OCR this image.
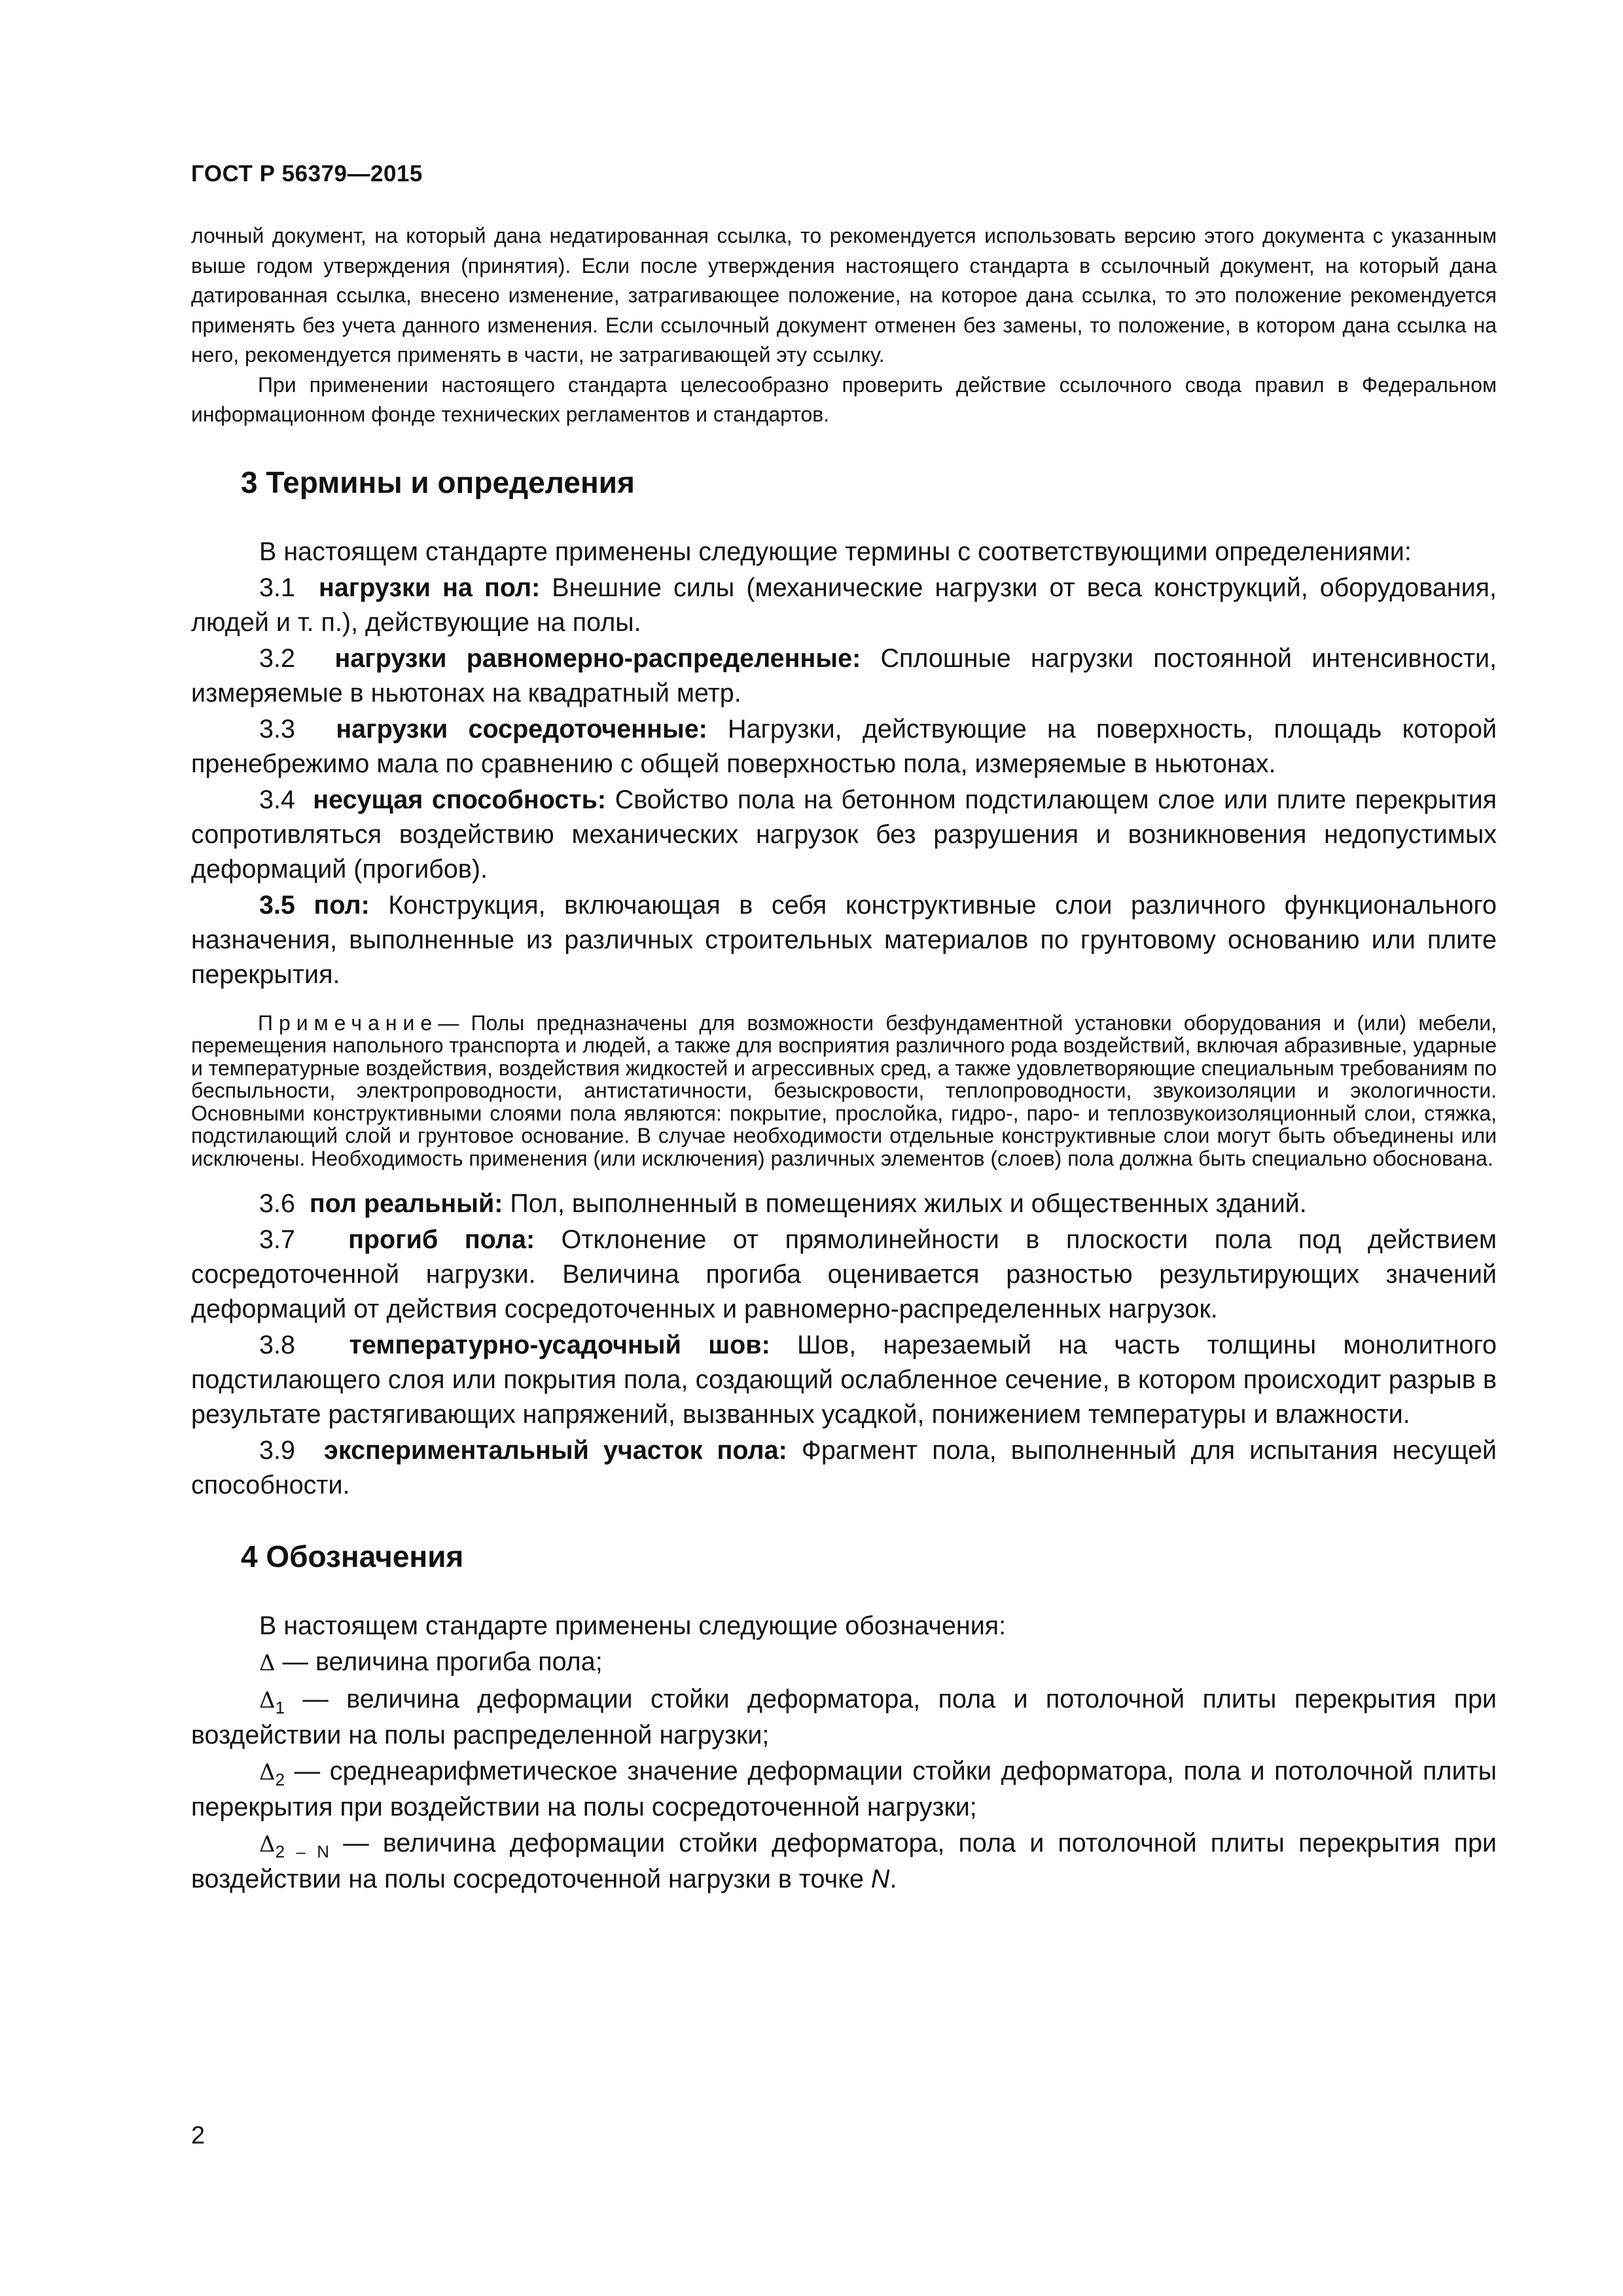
ГОСТ Р 56379—2015

лочный документ, на который дана недатированная ссылка, то рекомендуется использовать версию этого документа с указанным выше годом утверждения (принятия). Если после утверждения настоящего стандарта в ссылочный документ, на который дана датированная ссылка, внесено изменение, затрагивающее положение, на которое дана ссылка, то это положение рекомендуется применять без учета данного изменения. Если ссылочный документ отменен без замены, то положение, в котором дана ссылка на него, рекомендуется применять в части, не затрагивающей эту ссылку.

При применении настоящего стандарта целесообразно проверить действие ссылочного свода правил в Федеральном информационном фонде технических регламентов и стандартов.

3 Термины и определения

В настоящем стандарте применены следующие термины с соответствующими определениями:

3.1 нагрузки на пол: Внешние силы (механические нагрузки от веса конструкций, оборудования, людей и т. п.), действующие на полы.

3.2 нагрузки равномерно-распределенные: Сплошные нагрузки постоянной интенсивности, измеряемые в ньютонах на квадратный метр.

3.3 нагрузки сосредоточенные: Нагрузки, действующие на поверхность, площадь которой пренебрежимо мала по сравнению с общей поверхностью пола, измеряемые в ньютонах.

3.4 несущая способность: Свойство пола на бетонном подстилающем слое или плите перекрытия сопротивляться воздействию механических нагрузок без разрушения и возникновения недопустимых деформаций (прогибов).

3.5 пол: Конструкция, включающая в себя конструктивные слои различного функционального назначения, выполненные из различных строительных материалов по грунтовому основанию или плите перекрытия.

Примечание— Полы предназначены для возможности безфундаментной установки оборудования и (или) мебели, перемещения напольного транспорта и людей, а также для восприятия различного рода воздействий, включая абразивные, ударные и температурные воздействия, воздействия жидкостей и агрессивных сред, а также удовлетворяющие специальным требованиям по беспыльности, электропроводности, антистатичности, безыскровости, теплопроводности, звукоизоляции и экологичности. Основными конструктивными слоями пола являются: покрытие, прослойка, гидро-, паро- и теплозвукоизоляционный слои, стяжка, подстилающий слой и грунтовое основание. В случае необходимости отдельные конструктивные слои могут быть объединены или исключены. Необходимость применения (или исключения) различных элементов (слоев) пола должна быть специально обоснована.

3.6 пол реальный: Пол, выполненный в помещениях жилых и общественных зданий.

3.7 прогиб пола: Отклонение от прямолинейности в плоскости пола под действием сосредоточенной нагрузки. Величина прогиба оценивается разностью результирующих значений деформаций от действия сосредоточенных и равномерно-распределенных нагрузок.

3.8 температурно-усадочный шов: Шов, нарезаемый на часть толщины монолитного подстилающего слоя или покрытия пола, создающий ослабленное сечение, в котором происходит разрыв в результате растягивающих напряжений, вызванных усадкой, понижением температуры и влажности.

3.9 экспериментальный участок пола: Фрагмент пола, выполненный для испытания несущей способности.

4 Обозначения

В настоящем стандарте применены следующие обозначения:

Δ — величина прогиба пола;

$\Delta_1$ — величина деформации стойки деформатора, пола и потолочной плиты перекрытия при воздействии на полы распределенной нагрузки;

$\Delta_2$ — среднеарифметическое значение деформации стойки деформатора, пола и потолочной плиты перекрытия при воздействии на полы сосредоточенной нагрузки;

$\Delta_{2 - N}$ — величина деформации стойки деформатора, пола и потолочной плиты перекрытия при воздействии на полы сосредоточенной нагрузки в точке N.

2
